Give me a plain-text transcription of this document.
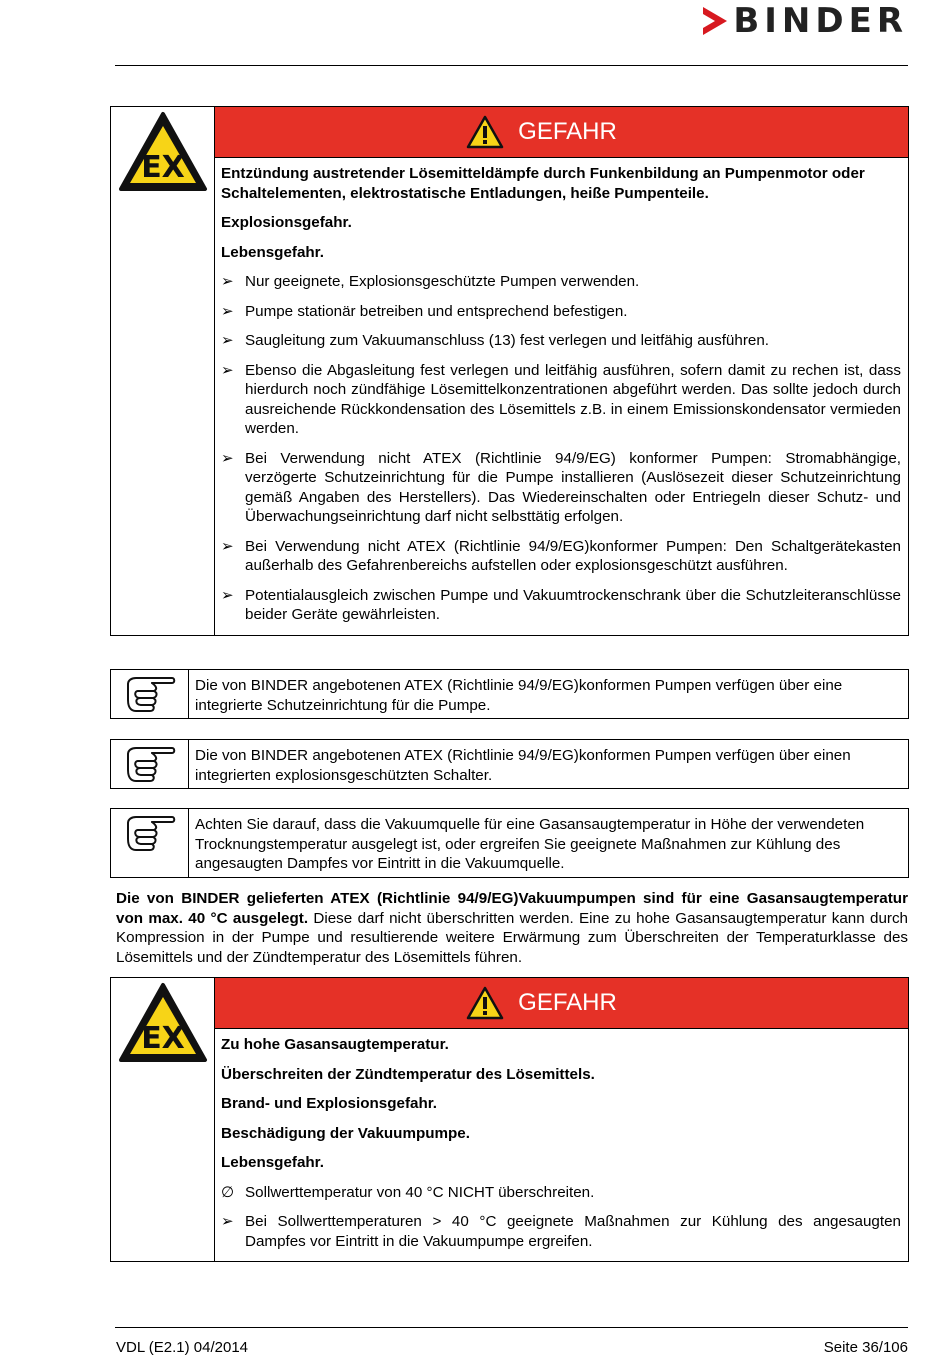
BINDER
EX
GEFAHR

Entzündung austretender Lösemitteldämpfe durch Funkenbildung an Pumpenmotor oder Schaltelementen, elektrostatische Entladungen, heiße Pumpenteile.

Explosionsgefahr.

Lebensgefahr.

➢ Nur geeignete, Explosionsgeschützte Pumpen verwenden.
➢ Pumpe stationär betreiben und entsprechend befestigen.
➢ Saugleitung zum Vakuumanschluss (13) fest verlegen und leitfähig ausführen.
➢ Ebenso die Abgasleitung fest verlegen und leitfähig ausführen, sofern damit zu rechen ist, dass hierdurch noch zündfähige Lösemittelkonzentrationen abgeführt werden. Das sollte jedoch durch ausreichende Rückkondensation des Lösemittels z.B. in einem Emissionskondensator vermieden werden.
➢ Bei Verwendung nicht ATEX (Richtlinie 94/9/EG) konformer Pumpen: Stromabhängige, verzögerte Schutzeinrichtung für die Pumpe installieren (Auslösezeit dieser Schutzeinrichtung gemäß Angaben des Herstellers). Das Wiedereinschalten oder Entriegeln dieser Schutz- und Überwachungseinrichtung darf nicht selbsttätig erfolgen.
➢ Bei Verwendung nicht ATEX (Richtlinie 94/9/EG)konformer Pumpen: Den Schaltgerätekasten außerhalb des Gefahrenbereichs aufstellen oder explosionsgeschützt ausführen.
➢ Potentialausgleich zwischen Pumpe und Vakuumtrockenschrank über die Schutzleiteranschlüsse beider Geräte gewährleisten.
Die von BINDER angebotenen ATEX (Richtlinie 94/9/EG)konformen Pumpen verfügen über eine integrierte Schutzeinrichtung für die Pumpe.
Die von BINDER angebotenen ATEX (Richtlinie 94/9/EG)konformen Pumpen verfügen über einen integrierten explosionsgeschützten Schalter.
Achten Sie darauf, dass die Vakuumquelle für eine Gasansaugtemperatur in Höhe der verwendeten Trocknungstemperatur ausgelegt ist, oder ergreifen Sie geeignete Maßnahmen zur Kühlung des angesaugten Dampfes vor Eintritt in die Vakuumquelle.
Die von BINDER gelieferten ATEX (Richtlinie 94/9/EG)Vakuumpumpen sind für eine Gasansaugtemperatur von max. 40 °C ausgelegt. Diese darf nicht überschritten werden. Eine zu hohe Gasansaugtemperatur kann durch Kompression in der Pumpe und resultierende weitere Erwärmung zum Überschreiten der Temperaturklasse des Lösemittels und der Zündtemperatur des Lösemittels führen.
EX
GEFAHR

Zu hohe Gasansaugtemperatur.

Überschreiten der Zündtemperatur des Lösemittels.

Brand- und Explosionsgefahr.

Beschädigung der Vakuumpumpe.

Lebensgefahr.

∅ Sollwerttemperatur von 40 °C NICHT überschreiten.
➢ Bei Sollwerttemperaturen > 40 °C geeignete Maßnahmen zur Kühlung des angesaugten Dampfes vor Eintritt in die Vakuumpumpe ergreifen.
VDL (E2.1) 04/2014	Seite 36/106
